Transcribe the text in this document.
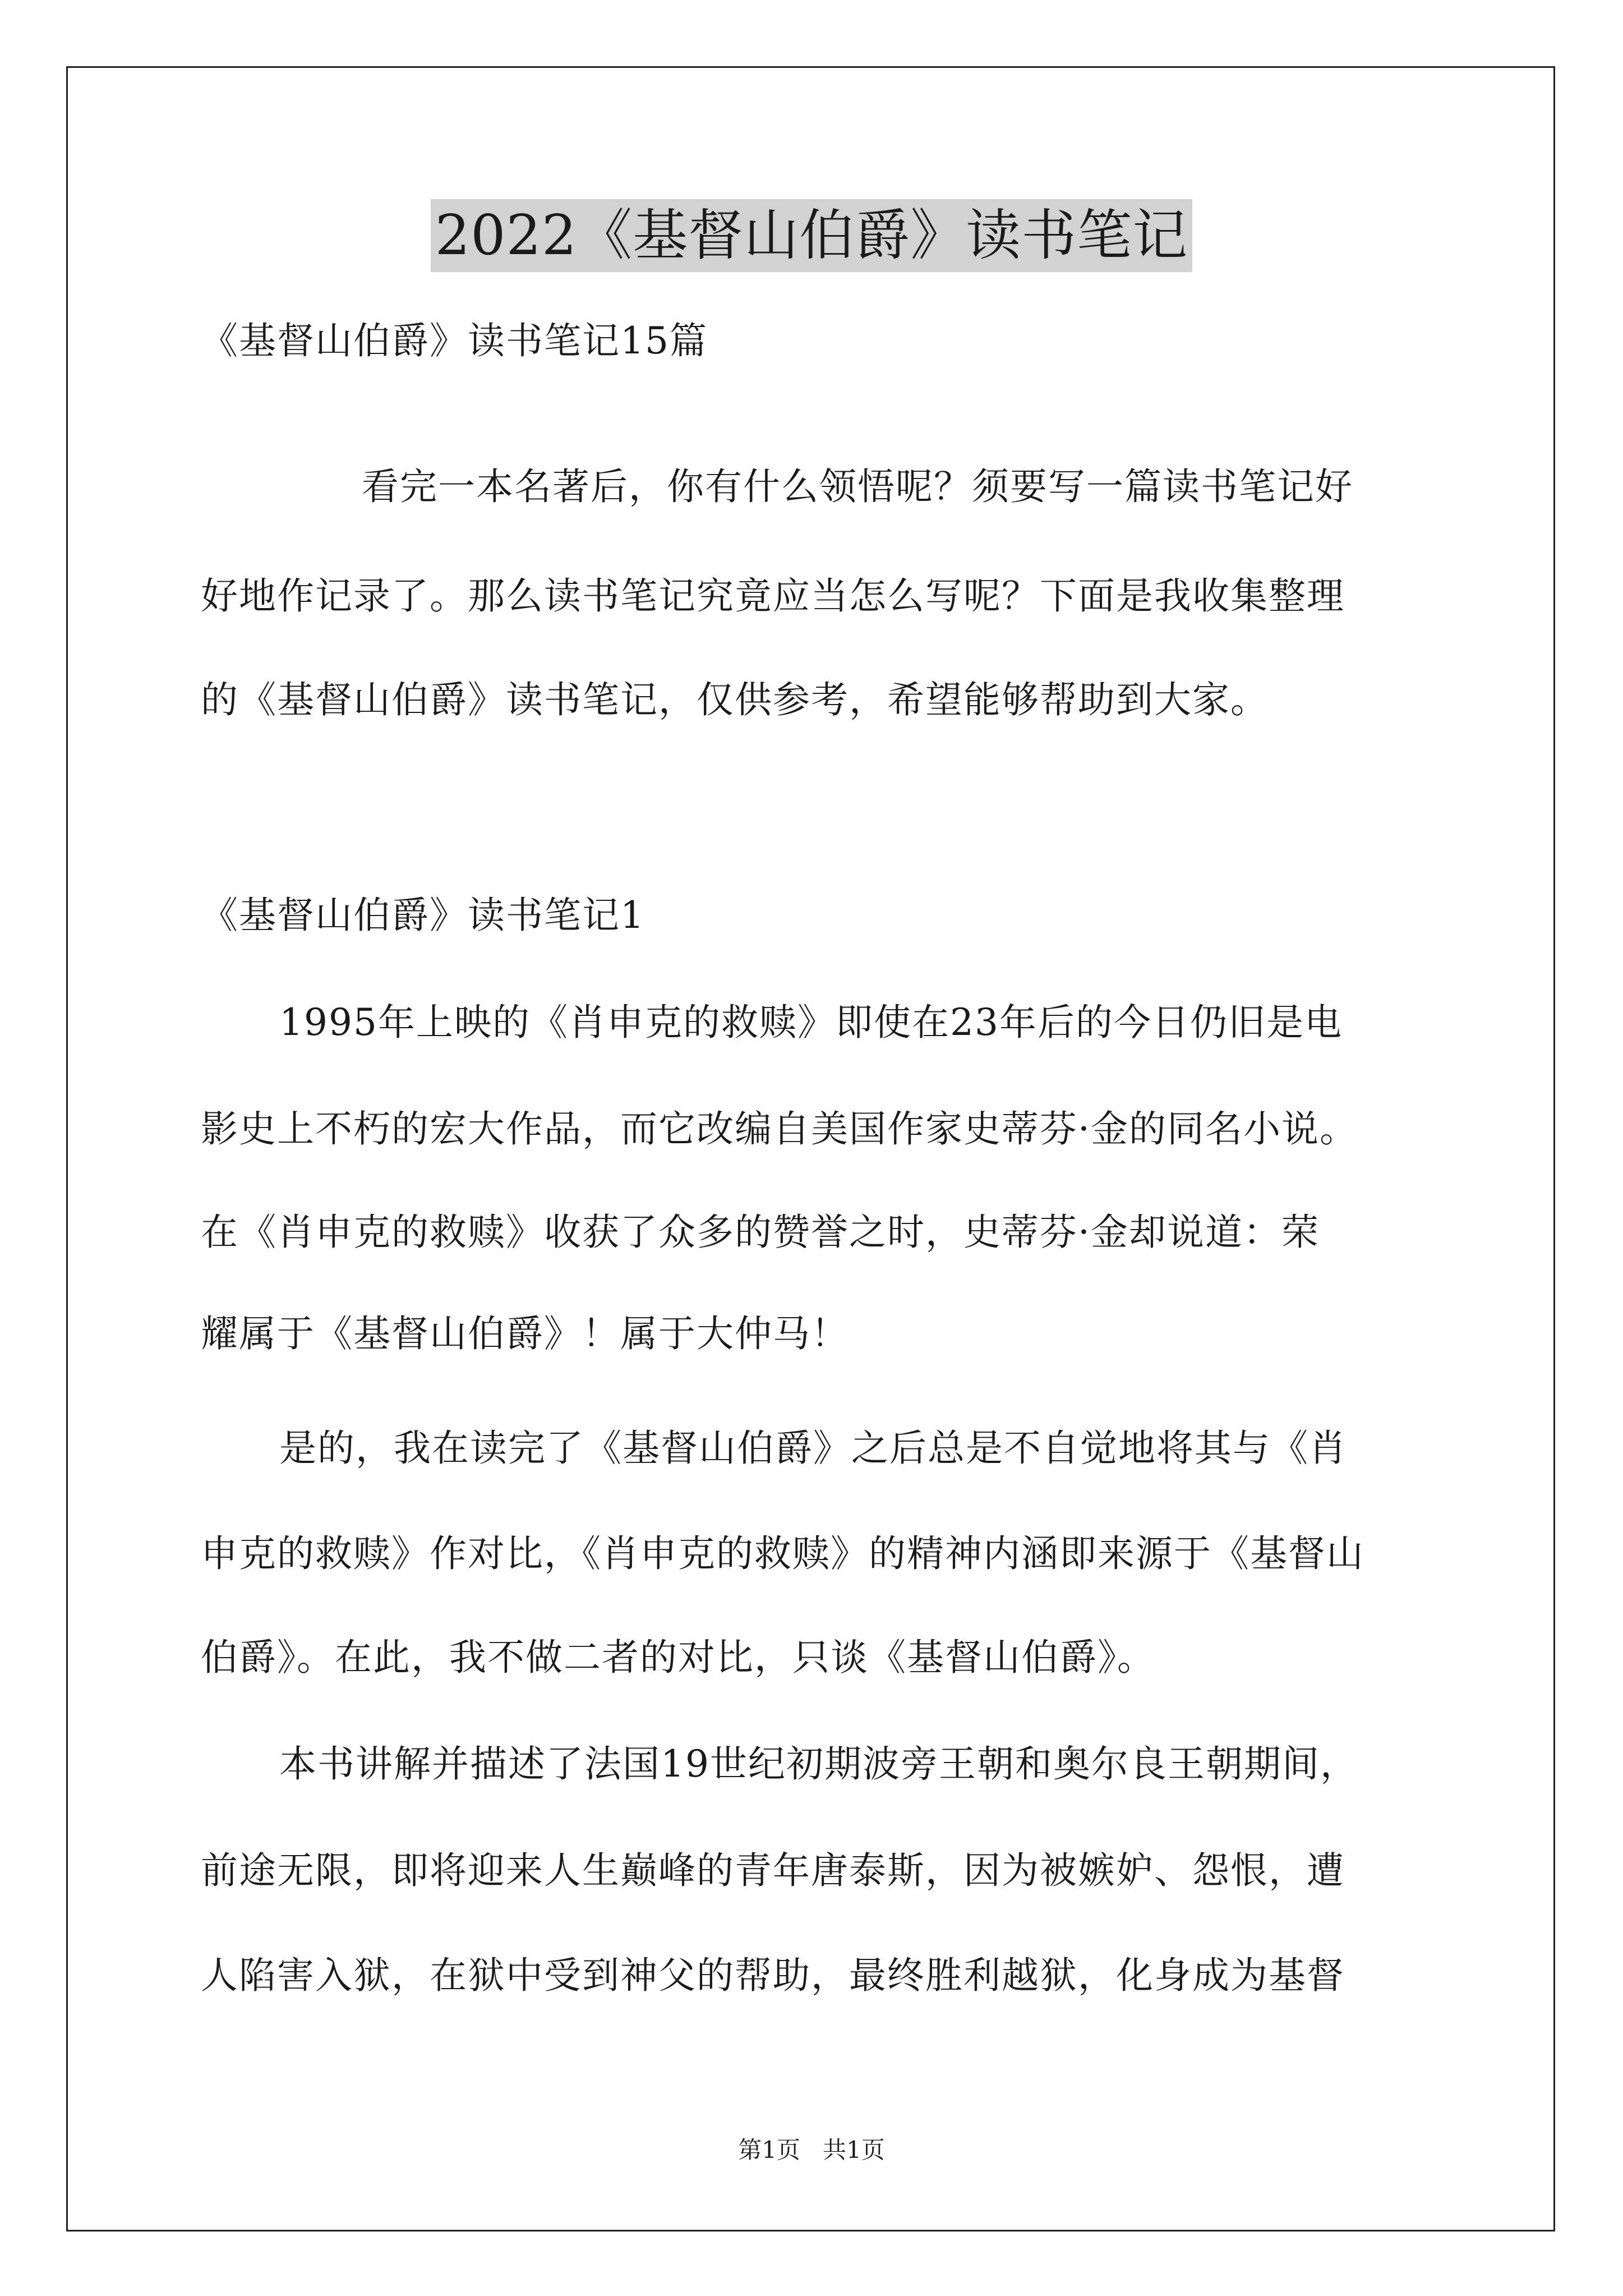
2022《基督山伯爵》读书笔记
《基督山伯爵》读书笔记15篇
看完一本名著后，你有什么领悟呢？须要写一篇读书笔记好
好地作记录了。那么读书笔记究竟应当怎么写呢？下面是我收集整理
的《基督山伯爵》读书笔记，仅供参考，希望能够帮助到大家。
《基督山伯爵》读书笔记1
1995年上映的《肖申克的救赎》即使在23年后的今日仍旧是电
影史上不朽的宏大作品，而它改编自美国作家史蒂芬·金的同名小说。
在《肖申克的救赎》收获了众多的赞誉之时，史蒂芬·金却说道：荣
耀属于《基督山伯爵》！属于大仲马！
是的，我在读完了《基督山伯爵》之后总是不自觉地将其与《肖
申克的救赎》作对比，《肖申克的救赎》的精神内涵即来源于《基督山
伯爵》。在此，我不做二者的对比，只谈《基督山伯爵》。
本书讲解并描述了法国19世纪初期波旁王朝和奥尔良王朝期间，
前途无限，即将迎来人生巅峰的青年唐泰斯，因为被嫉妒、怨恨，遭
人陷害入狱，在狱中受到神父的帮助，最终胜利越狱，化身成为基督
第1页 共1页
